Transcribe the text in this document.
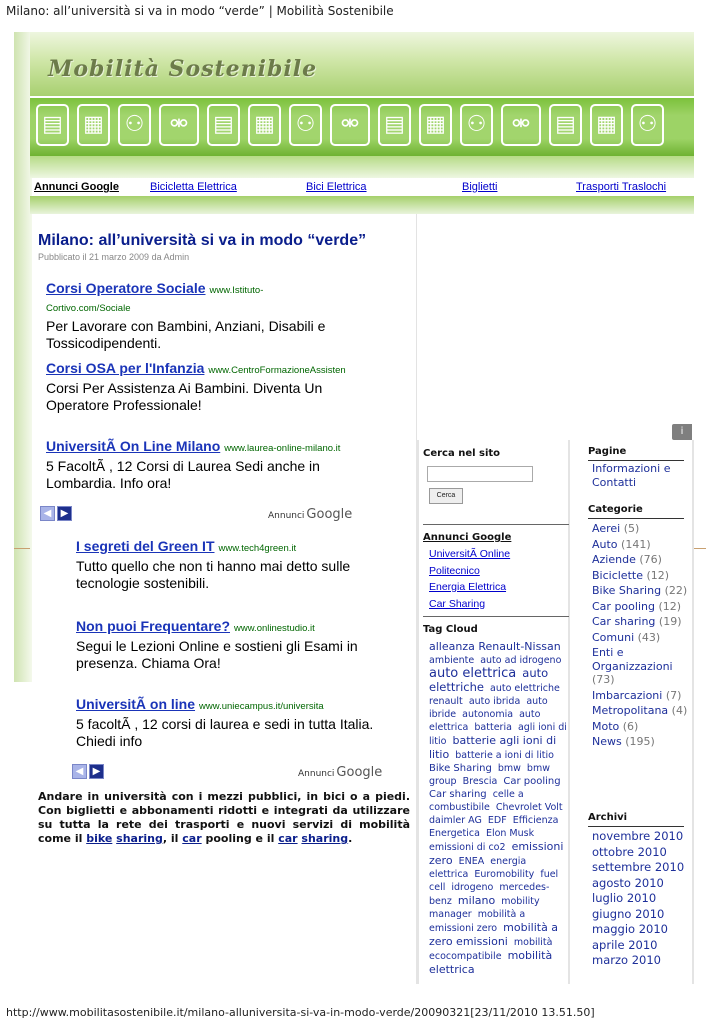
Milano: all’università si va in modo “verde” | Mobilità Sostenibile
Mobilità Sostenibile
▤ ▦ ⚇	⚮	▤ ▦ ⚇	⚮	▤ ▦ ⚇	⚮	▤ ▦ ⚇
Annunci Google	Bicicletta Elettrica	Bici Elettrica	Biglietti	Trasporti Traslochi
Milano: all’università si va in modo “verde”
Pubblicato il 21 marzo 2009 da Admin
Corsi Operatore Sociale www.Istituto-Cortivo.com/Sociale
Per Lavorare con Bambini, Anziani, Disabili e Tossicodipendenti.
Corsi OSA per l'Infanzia www.CentroFormazioneAssisten
Corsi Per Assistenza Ai Bambini. Diventa Un Operatore Professionale!
UniversitÃ On Line Milano www.laurea-online-milano.it
5 FacoltÃ , 12 Corsi di Laurea Sedi anche in Lombardia. Info ora!
◀ ▶	Annunci Google
I segreti del Green IT www.tech4green.it
Tutto quello che non ti hanno mai detto sulle tecnologie sostenibili.
Non puoi Frequentare? www.onlinestudio.it
Segui le Lezioni Online e sostieni gli Esami in presenza. Chiama Ora!
UniversitÃ on line www.uniecampus.it/universita
5 facoltÃ , 12 corsi di laurea e sedi in tutta Italia. Chiedi info
◀ ▶	Annunci Google
Andare in università con i mezzi pubblici, in bici o a piedi. Con biglietti e abbonamenti ridotti e integrati da utilizzare su tutta la rete dei trasporti e nuovi servizi di mobilità come il bike sharing, il car pooling e il car sharing.
i
Cerca nel sito
Cerca
Annunci Google
UniversitÃ Online
Politecnico
Energia Elettrica
Car Sharing
Tag Cloud
alleanza Renault-Nissan ambiente auto ad idrogeno auto elettrica auto elettriche auto elettriche renault auto ibrida auto ibride autonomia auto elettrica batteria agli ioni di litio batterie agli ioni di litio batterie a ioni di litio Bike Sharing bmw bmw group Brescia Car pooling Car sharing celle a combustibile Chevrolet Volt daimler AG EDF Efficienza Energetica Elon Musk emissioni di co2 emissioni zero ENEA energia elettrica Euromobility fuel cell idrogeno mercedes-benz milano mobility manager mobilità a emissioni zero mobilità a zero emissioni mobilità ecocompatibile mobilità elettrica
Pagine
Informazioni e Contatti
Categorie
Aerei (5)
Auto (141)
Aziende (76)
Biciclette (12)
Bike Sharing (22)
Car pooling (12)
Car sharing (19)
Comuni (43)
Enti e Organizzazioni (73)
Imbarcazioni (7)
Metropolitana (4)
Moto (6)
News (195)
Archivi
novembre 2010
ottobre 2010
settembre 2010
agosto 2010
luglio 2010
giugno 2010
maggio 2010
aprile 2010
marzo 2010
http://www.mobilitasostenibile.it/milano-alluniversita-si-va-in-modo-verde/20090321[23/11/2010 13.51.50]
